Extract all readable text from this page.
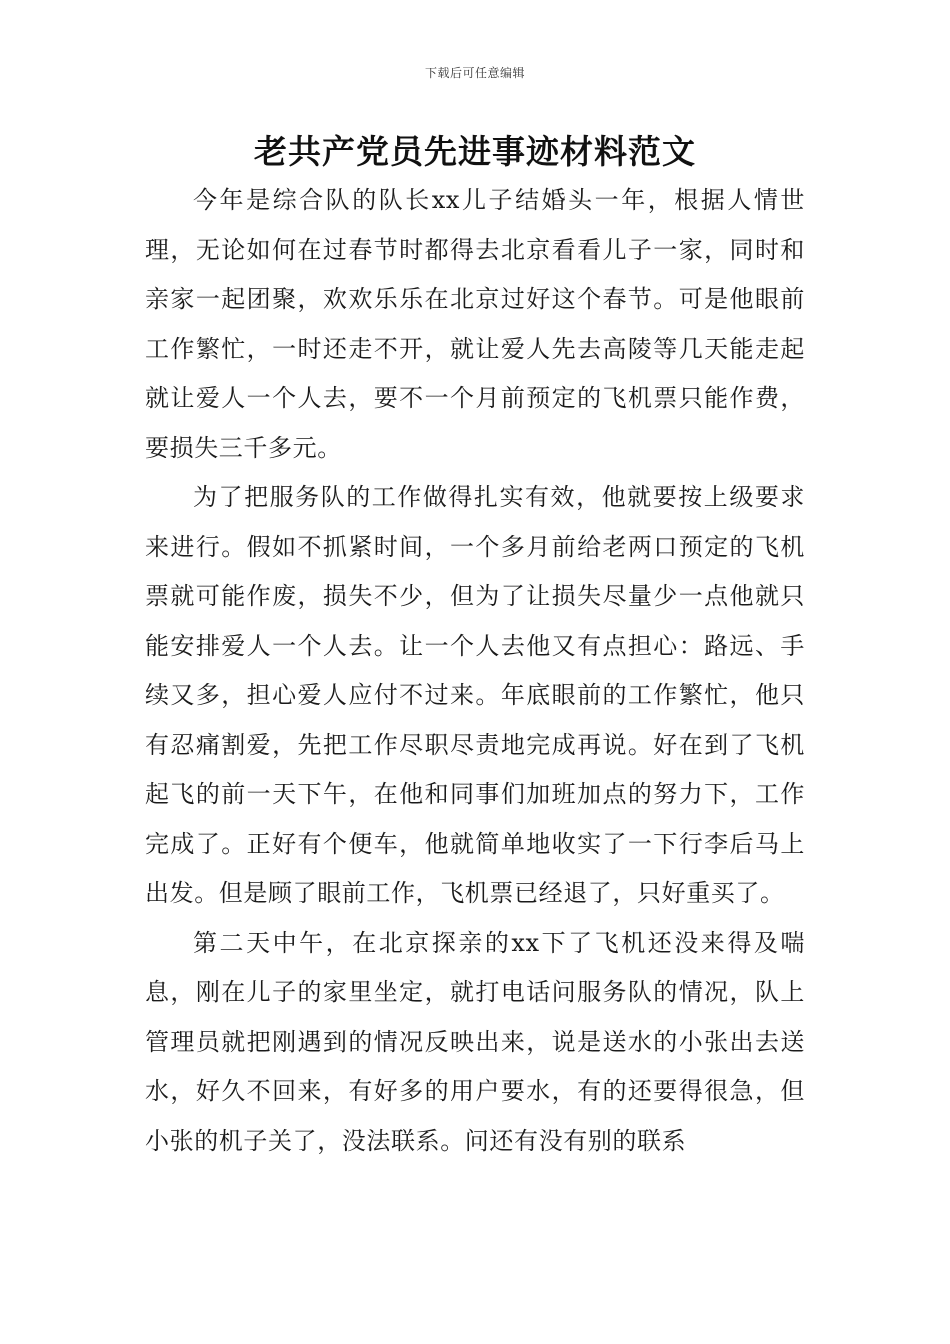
下载后可任意编辑
老共产党员先进事迹材料范文

今年是综合队的队长xx儿子结婚头一年，根据人情世理，无论如何在过春节时都得去北京看看儿子一家，同时和亲家一起团聚，欢欢乐乐在北京过好这个春节。可是他眼前工作繁忙，一时还走不开，就让爱人先去高陵等几天能走起就让爱人一个人去，要不一个月前预定的飞机票只能作费，要损失三千多元。

为了把服务队的工作做得扎实有效，他就要按上级要求来进行。假如不抓紧时间，一个多月前给老两口预定的飞机票就可能作废，损失不少，但为了让损失尽量少一点他就只能安排爱人一个人去。让一个人去他又有点担心：路远、手续又多，担心爱人应付不过来。年底眼前的工作繁忙，他只有忍痛割爱，先把工作尽职尽责地完成再说。好在到了飞机起飞的前一天下午，在他和同事们加班加点的努力下，工作完成了。正好有个便车，他就简单地收实了一下行李后马上出发。但是顾了眼前工作，飞机票已经退了，只好重买了。

第二天中午，在北京探亲的xx下了飞机还没来得及喘息，刚在儿子的家里坐定，就打电话问服务队的情况，队上管理员就把刚遇到的情况反映出来，说是送水的小张出去送水，好久不回来，有好多的用户要水，有的还要得很急，但小张的机子关了，没法联系。问还有没有别的联系
